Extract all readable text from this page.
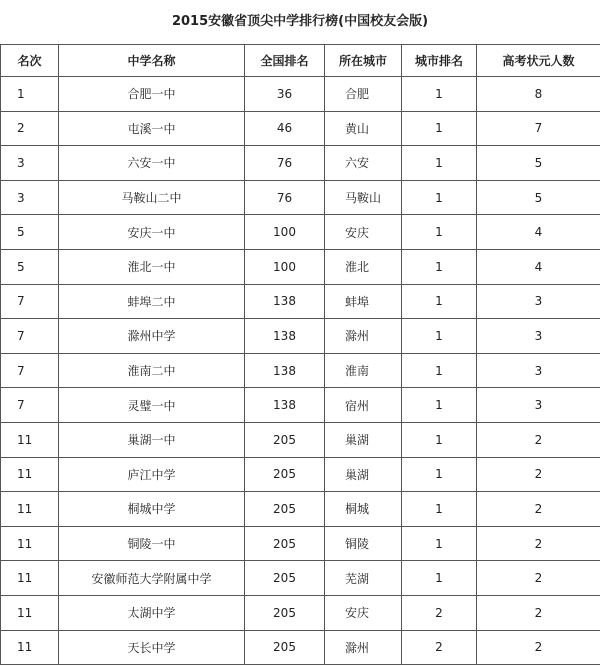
2015安徽省顶尖中学排行榜(中国校友会版)
名次	中学名称	全国排名	所在城市	城市排名	高考状元人数
1	合肥一中	36	合肥	1	8
2	屯溪一中	46	黄山	1	7
3	六安一中	76	六安	1	5
3	马鞍山二中	76	马鞍山	1	5
5	安庆一中	100	安庆	1	4
5	淮北一中	100	淮北	1	4
7	蚌埠二中	138	蚌埠	1	3
7	滁州中学	138	滁州	1	3
7	淮南二中	138	淮南	1	3
7	灵璧一中	138	宿州	1	3
11	巢湖一中	205	巢湖	1	2
11	庐江中学	205	巢湖	1	2
11	桐城中学	205	桐城	1	2
11	铜陵一中	205	铜陵	1	2
11	安徽师范大学附属中学	205	芜湖	1	2
11	太湖中学	205	安庆	2	2
11	天长中学	205	滁州	2	2
